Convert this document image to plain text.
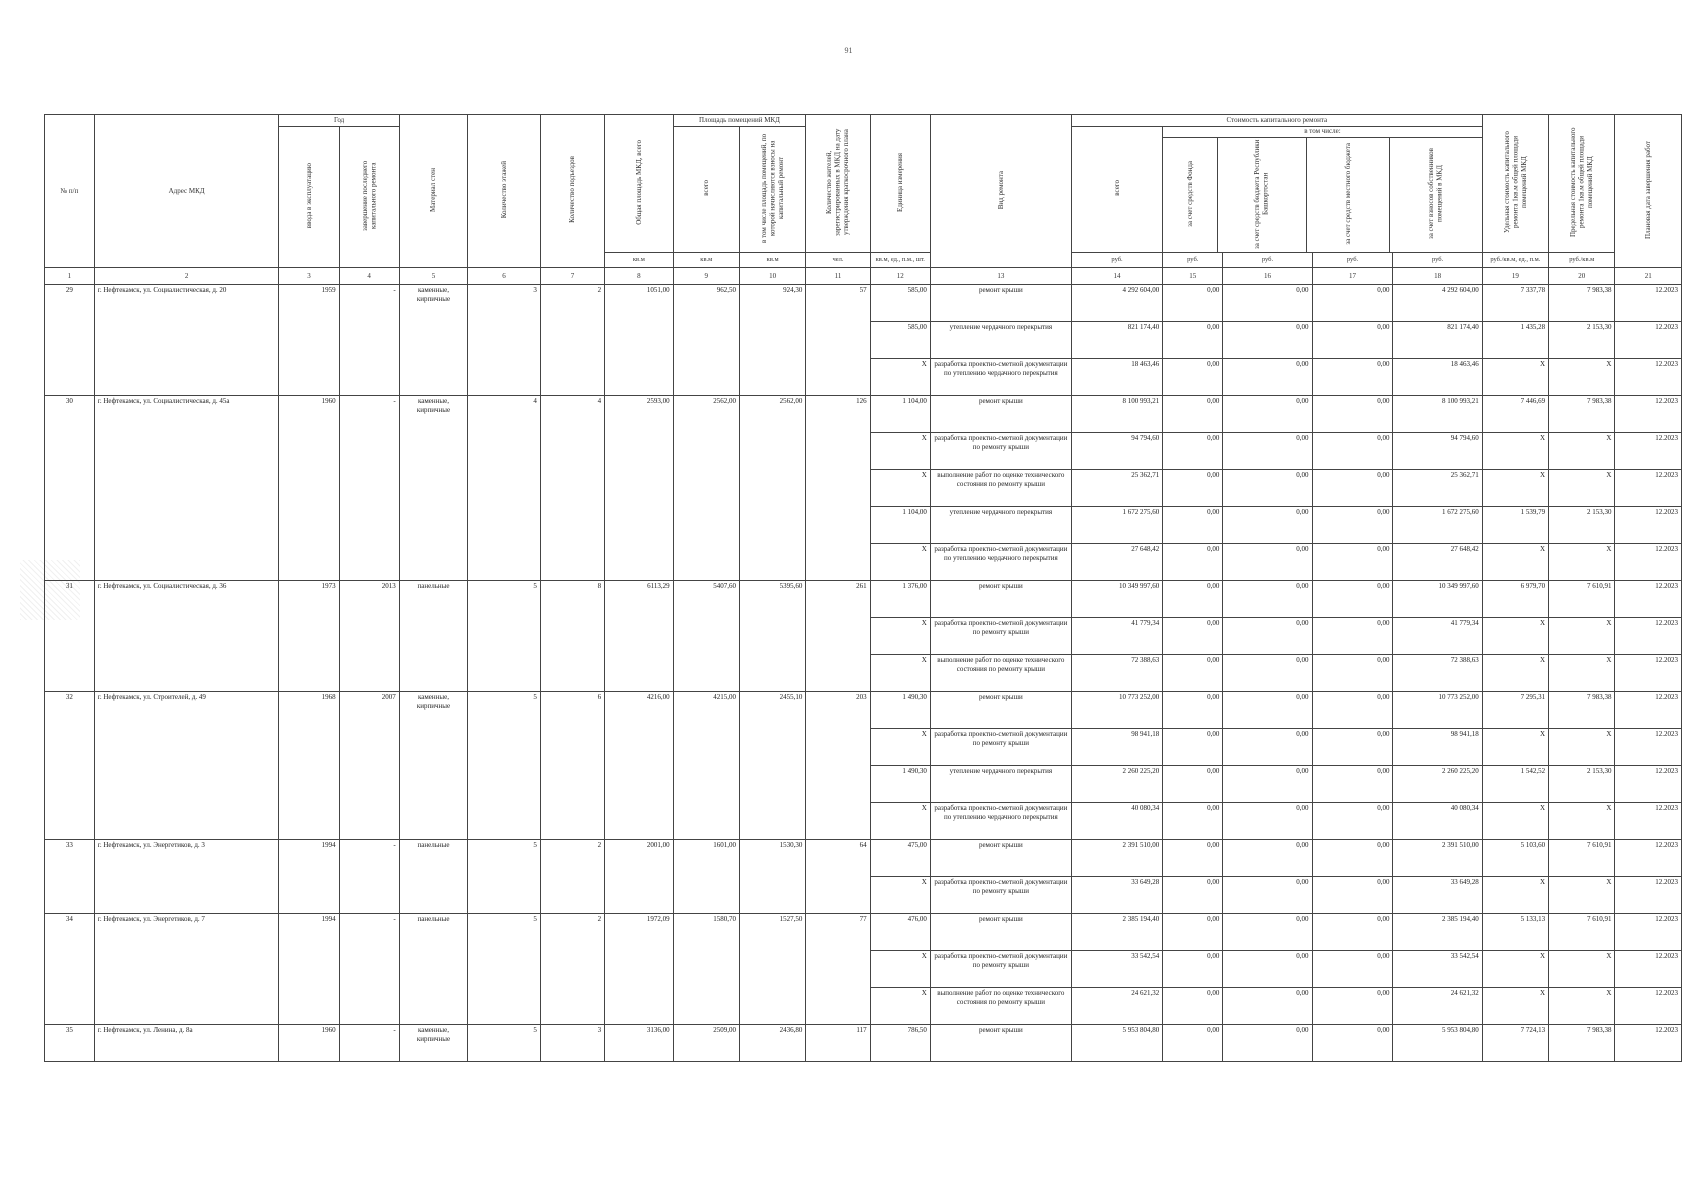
91
№ п/п	Адрес МКД	Год	Материал стен	Количество этажей	Количество подъездов	Общая площадь МКД, всего	Площадь помещений МКД	Количество жителей, зарегистрированных в МКД на дату утверждения краткосрочного плана	Единица измерения	Вид ремонта	Стоимость капитального ремонта	Удельная стоимость капитального ремонта 1кв.м общей площади помещений МКД	Предельная стоимость капитального ремонта 1кв.м общей площади помещений МКД	Плановая дата завершения работ
ввода в эксплуатацию	завершение последнего капитального ремонта	всего	в том числе площадь помещений, по которой начисляются взносы на капитальный ремонт	всего	
в том числе:
за счет средств Фонда	за счет средств бюджета Республики Башкортостан	за счет средств местного бюджета	за счет взносов собственников помещений в МКД

кв.м	кв.м	кв.м	чел.	кв.м, ед., п.м., шт.	руб.	руб.	руб.	руб.	руб.	руб./кв.м, ед., п.м.	руб./кв.м
1	2	3	4	5	6	7	8	9	10	11	12	13	14	15	16	17	18	19	20	21
29	г. Нефтекамск, ул. Социалистическая, д. 20	1959	-	каменные, кирпичные	3	2	1051,00	962,50	924,30	57	585,00	ремонт крыши	4 292 604,00	0,00	0,00	0,00	4 292 604,00	7 337,78	7 983,38	12.2023
585,00	утепление чердачного перекрытия	821 174,40	0,00	0,00	0,00	821 174,40	1 435,28	2 153,30	12.2023
X	разработка проектно-сметной документации по утеплению чердачного перекрытия	18 463,46	0,00	0,00	0,00	18 463,46	X	X	12.2023
30	г. Нефтекамск, ул. Социалистическая, д. 45а	1960	-	каменные, кирпичные	4	4	2593,00	2562,00	2562,00	126	1 104,00	ремонт крыши	8 100 993,21	0,00	0,00	0,00	8 100 993,21	7 446,69	7 983,38	12.2023
X	разработка проектно-сметной документации по ремонту крыши	94 794,60	0,00	0,00	0,00	94 794,60	X	X	12.2023
X	выполнение работ по оценке технического состояния по ремонту крыши	25 362,71	0,00	0,00	0,00	25 362,71	X	X	12.2023
1 104,00	утепление чердачного перекрытия	1 672 275,60	0,00	0,00	0,00	1 672 275,60	1 539,79	2 153,30	12.2023
X	разработка проектно-сметной документации по утеплению чердачного перекрытия	27 648,42	0,00	0,00	0,00	27 648,42	X	X	12.2023
31	г. Нефтекамск, ул. Социалистическая, д. 36	1973	2013	панельные	5	8	6113,29	5407,60	5395,60	261	1 376,00	ремонт крыши	10 349 997,60	0,00	0,00	0,00	10 349 997,60	6 979,70	7 610,91	12.2023
X	разработка проектно-сметной документации по ремонту крыши	41 779,34	0,00	0,00	0,00	41 779,34	X	X	12.2023
X	выполнение работ по оценке технического состояния по ремонту крыши	72 388,63	0,00	0,00	0,00	72 388,63	X	X	12.2023
32	г. Нефтекамск, ул. Строителей, д. 49	1968	2007	каменные, кирпичные	5	6	4216,00	4215,00	2455,10	203	1 490,30	ремонт крыши	10 773 252,00	0,00	0,00	0,00	10 773 252,00	7 295,31	7 983,38	12.2023
X	разработка проектно-сметной документации по ремонту крыши	98 941,18	0,00	0,00	0,00	98 941,18	X	X	12.2023
1 490,30	утепление чердачного перекрытия	2 260 225,20	0,00	0,00	0,00	2 260 225,20	1 542,52	2 153,30	12.2023
X	разработка проектно-сметной документации по утеплению чердачного перекрытия	40 080,34	0,00	0,00	0,00	40 080,34	X	X	12.2023
33	г. Нефтекамск, ул. Энергетиков, д. 3	1994	-	панельные	5	2	2001,00	1601,00	1530,30	64	475,00	ремонт крыши	2 391 510,00	0,00	0,00	0,00	2 391 510,00	5 103,60	7 610,91	12.2023
X	разработка проектно-сметной документации по ремонту крыши	33 649,28	0,00	0,00	0,00	33 649,28	X	X	12.2023
34	г. Нефтекамск, ул. Энергетиков, д. 7	1994	-	панельные	5	2	1972,09	1580,70	1527,50	77	476,00	ремонт крыши	2 385 194,40	0,00	0,00	0,00	2 385 194,40	5 133,13	7 610,91	12.2023
X	разработка проектно-сметной документации по ремонту крыши	33 542,54	0,00	0,00	0,00	33 542,54	X	X	12.2023
X	выполнение работ по оценке технического состояния по ремонту крыши	24 621,32	0,00	0,00	0,00	24 621,32	X	X	12.2023
35	г. Нефтекамск, ул. Ленина, д. 8а	1960	-	каменные, кирпичные	5	3	3136,00	2509,00	2436,80	117	786,50	ремонт крыши	5 953 804,80	0,00	0,00	0,00	5 953 804,80	7 724,13	7 983,38	12.2023
